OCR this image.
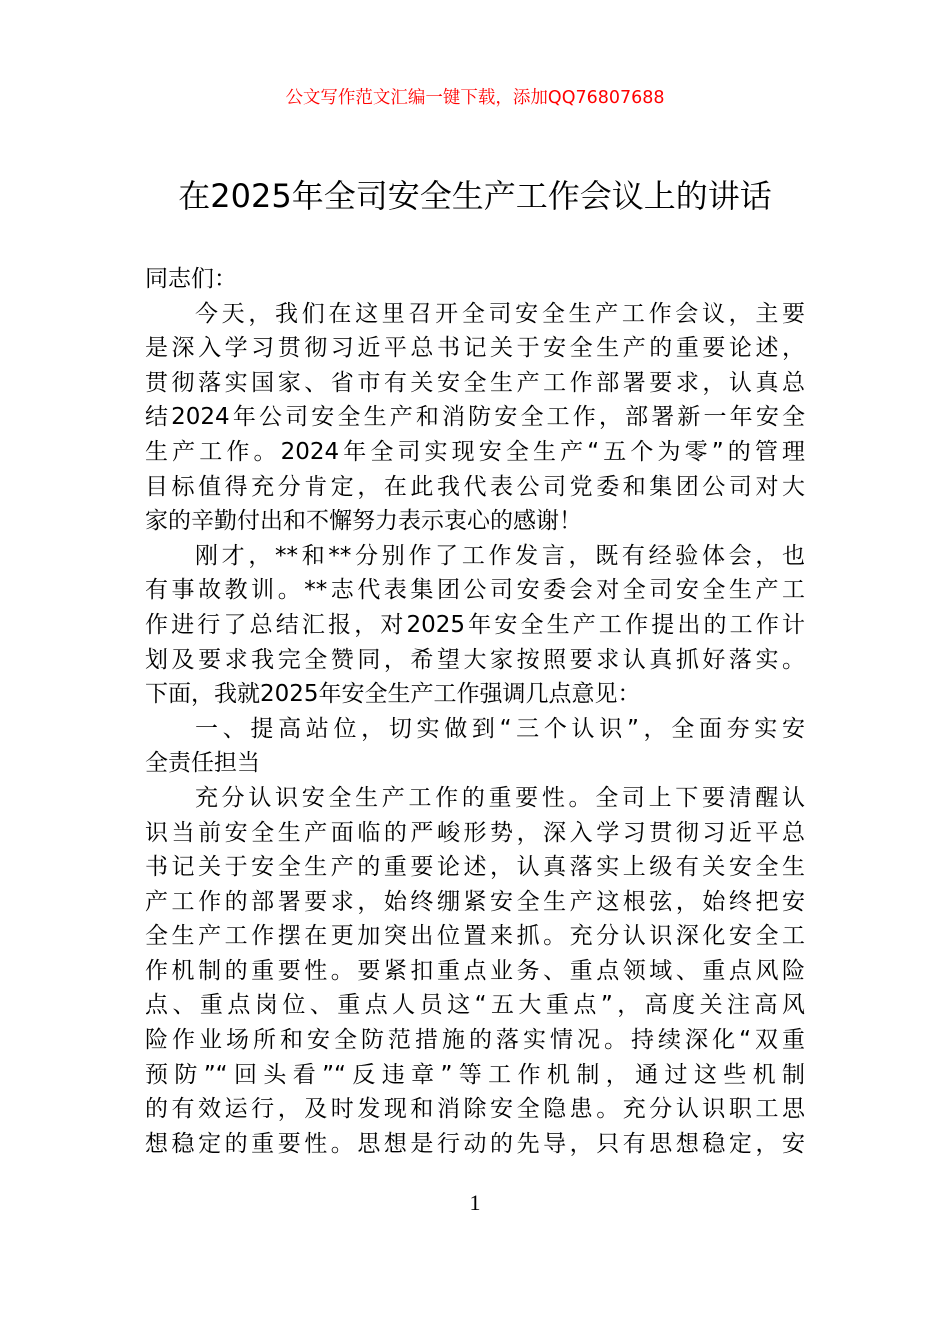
公文写作范文汇编一键下载，添加QQ76807688
在2025年全司安全生产工作会议上的讲话
同志们：
今天，我们在这里召开全司安全生产工作会议，主要
是深入学习贯彻习近平总书记关于安全生产的重要论述，
贯彻落实国家、省市有关安全生产工作部署要求，认真总
结2024年公司安全生产和消防安全工作，部署新一年安全
生产工作。2024年全司实现安全生产“五个为零”的管理
目标值得充分肯定，在此我代表公司党委和集团公司对大
家的辛勤付出和不懈努力表示衷心的感谢！
刚才，**和**分别作了工作发言，既有经验体会，也
有事故教训。**志代表集团公司安委会对全司安全生产工
作进行了总结汇报，对2025年安全生产工作提出的工作计
划及要求我完全赞同，希望大家按照要求认真抓好落实。
下面，我就2025年安全生产工作强调几点意见：
一、提高站位，切实做到“三个认识”，全面夯实安
全责任担当
充分认识安全生产工作的重要性。全司上下要清醒认
识当前安全生产面临的严峻形势，深入学习贯彻习近平总
书记关于安全生产的重要论述，认真落实上级有关安全生
产工作的部署要求，始终绷紧安全生产这根弦，始终把安
全生产工作摆在更加突出位置来抓。充分认识深化安全工
作机制的重要性。要紧扣重点业务、重点领域、重点风险
点、重点岗位、重点人员这“五大重点”，高度关注高风
险作业场所和安全防范措施的落实情况。持续深化“双重
预防”“回头看”“反违章”等工作机制，通过这些机制
的有效运行，及时发现和消除安全隐患。充分认识职工思
想稳定的重要性。思想是行动的先导，只有思想稳定，安
1
